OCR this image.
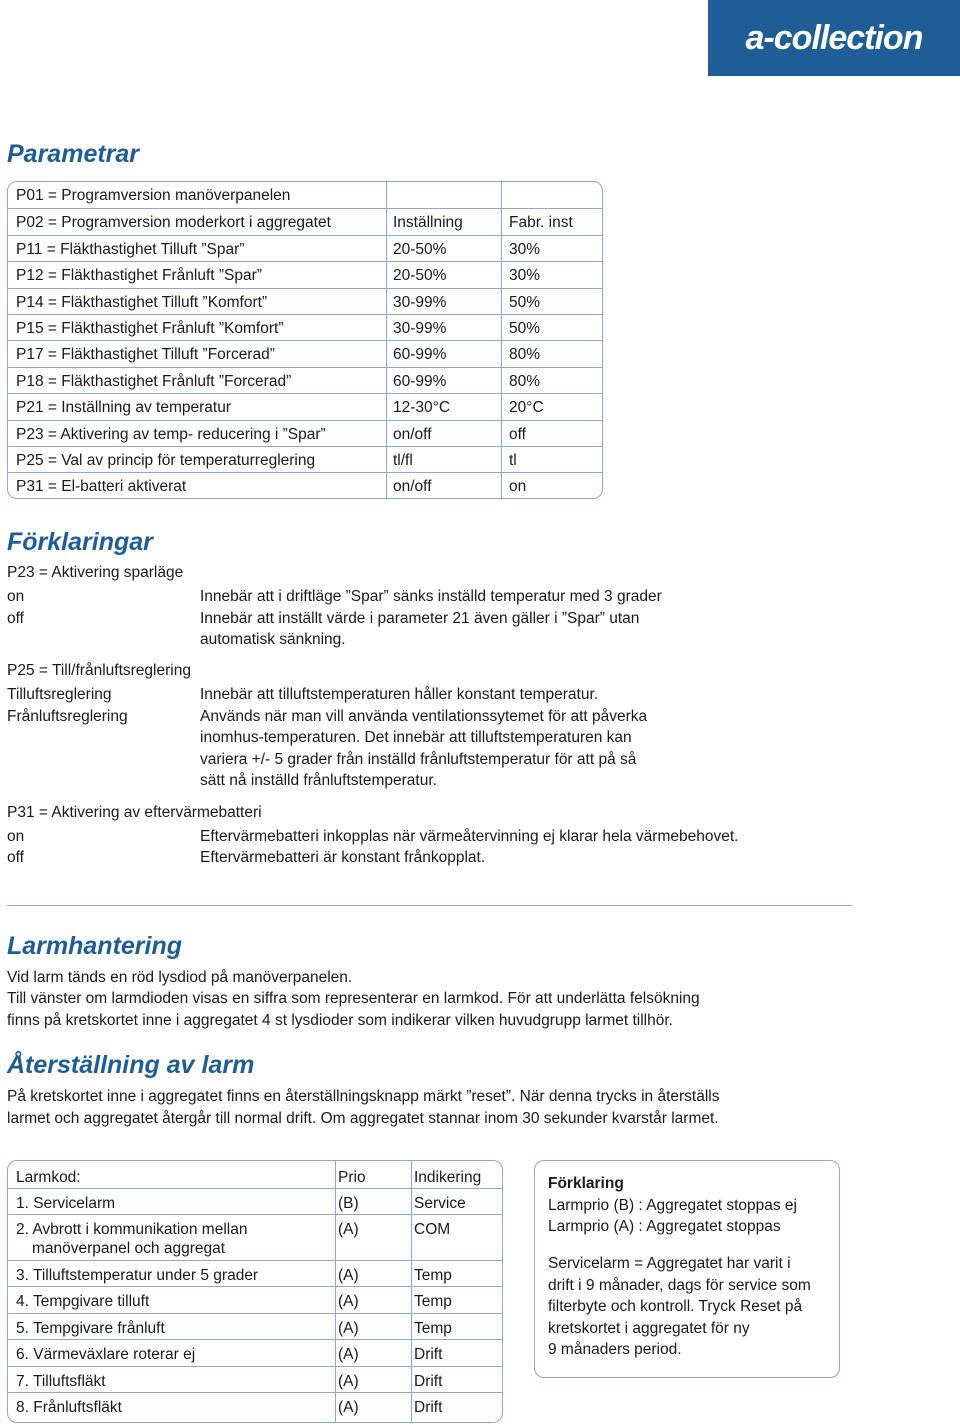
a-collection
Parametrar
P01 = Programversion manöverpanelen
P02 = Programversion moderkort i aggregatet	Inställning	Fabr. inst
P11 = Fläkthastighet Tilluft ”Spar”	20-50%	30%
P12 = Fläkthastighet Frånluft ”Spar”	20-50%	30%
P14 = Fläkthastighet Tilluft ”Komfort”	30-99%	50%
P15 = Fläkthastighet Frånluft ”Komfort”	30-99%	50%
P17 = Fläkthastighet Tilluft ”Forcerad”	60-99%	80%
P18 = Fläkthastighet Frånluft ”Forcerad”	60-99%	80%
P21 = Inställning av temperatur	12-30°C	20°C
P23 = Aktivering av temp- reducering i ”Spar”	on/off	off
P25 = Val av princip för temperaturreglering	tl/fl	tl
P31 = El-batteri aktiverat	on/off	on
Förklaringar
P23 = Aktivering sparläge
on	Innebär att i driftläge ”Spar” sänks inställd temperatur med 3 grader
off	Innebär att inställt värde i parameter 21 även gäller i ”Spar” utan
automatisk sänkning.
P25 = Till/frånluftsreglering
Tilluftsreglering	Innebär att tilluftstemperaturen håller konstant temperatur.
Frånluftsreglering	Används när man vill använda ventilationssytemet för att påverka
inomhus-temperaturen. Det innebär att tilluftstemperaturen kan
variera +/- 5 grader från inställd frånluftstemperatur för att på så
sätt nå inställd frånluftstemperatur.
P31 = Aktivering av eftervärmebatteri
on	Eftervärmebatteri inkopplas när värmeåtervinning ej klarar hela värmebehovet.
off	Eftervärmebatteri är konstant frånkopplat.
Larmhantering
Vid larm tänds en röd lysdiod på manöverpanelen.
Till vänster om larmdioden visas en siffra som representerar en larmkod. För att underlätta felsökning
finns på kretskortet inne i aggregatet 4 st lysdioder som indikerar vilken huvudgrupp larmet tillhör.
Återställning av larm
På kretskortet inne i aggregatet finns en återställningsknapp märkt ”reset”. När denna trycks in återställs
larmet och aggregatet återgår till normal drift. Om aggregatet stannar inom 30 sekunder kvarstår larmet.
Larmkod:	Prio	Indikering
1. Servicelarm	(B)	Service
2. Avbrott i kommunikation mellan
manöverpanel och aggregat
(A)	COM
3. Tilluftstemperatur under 5 grader	(A)	Temp
4. Tempgivare tilluft	(A)	Temp
5. Tempgivare frånluft	(A)	Temp
6. Värmeväxlare roterar ej	(A)	Drift
7. Tilluftsfläkt	(A)	Drift
8. Frånluftsfläkt	(A)	Drift
Förklaring
Larmprio (B) : Aggregatet stoppas ej
Larmprio (A) : Aggregatet stoppas
Servicelarm = Aggregatet har varit i
drift i 9 månader, dags för service som
filterbyte och kontroll. Tryck Reset på
kretskortet i aggregatet för ny
9 månaders period.
